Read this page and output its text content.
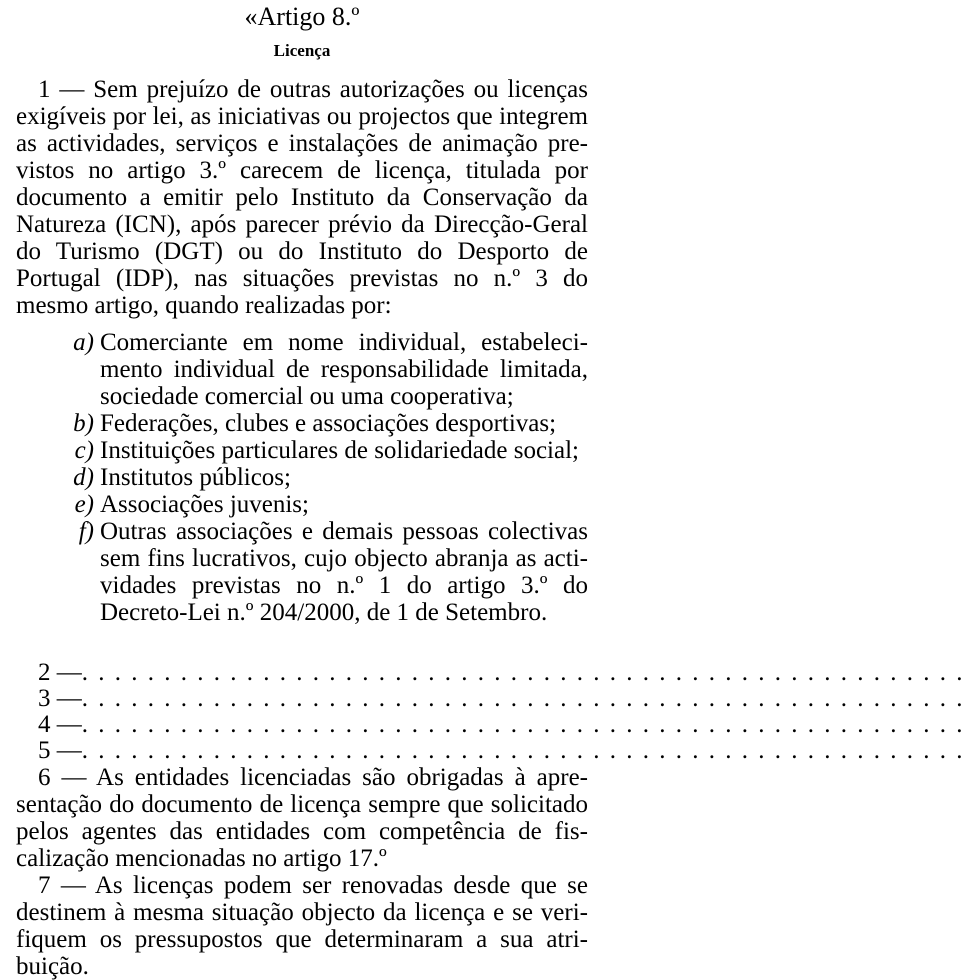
«Artigo 8.º
Licença

1 — Sem prejuízo de outras autorizações ou licenças exigíveis por lei, as iniciativas ou projectos que integrem as actividades, serviços e instalações de animação previstos no artigo 3.º carecem de licença, titulada por documento a emitir pelo Instituto da Conservação da Natureza (ICN), após parecer prévio da Direcção-Geral do Turismo (DGT) ou do Instituto do Desporto de Portugal (IDP), nas situações previstas no n.º 3 do mesmo artigo, quando realizadas por:

a) Comerciante em nome individual, estabelecimento individual de responsabilidade limitada, sociedade comercial ou uma cooperativa;
b) Federações, clubes e associações desportivas;
c) Instituições particulares de solidariedade social;
d) Institutos públicos;
e) Associações juvenis;
f) Outras associações e demais pessoas colectivas sem fins lucrativos, cujo objecto abranja as actividades previstas no n.º 1 do artigo 3.º do Decreto-Lei n.º 204/2000, de 1 de Setembro.
2 — . . . . . . . . . . . . . . . . . . . . . . . . . . . . . . . . . . . . . . . . . . . . . . . . . . . . . .
3 — . . . . . . . . . . . . . . . . . . . . . . . . . . . . . . . . . . . . . . . . . . . . . . . . . . . . . .
4 — . . . . . . . . . . . . . . . . . . . . . . . . . . . . . . . . . . . . . . . . . . . . . . . . . . . . . .
5 — . . . . . . . . . . . . . . . . . . . . . . . . . . . . . . . . . . . . . . . . . . . . . . . . . . . . . .

6 — As entidades licenciadas são obrigadas à apresentação do documento de licença sempre que solicitado pelos agentes das entidades com competência de fiscalização mencionadas no artigo 17.º

7 — As licenças podem ser renovadas desde que se destinem à mesma situação objecto da licença e se verifiquem os pressupostos que determinaram a sua atribuição.
